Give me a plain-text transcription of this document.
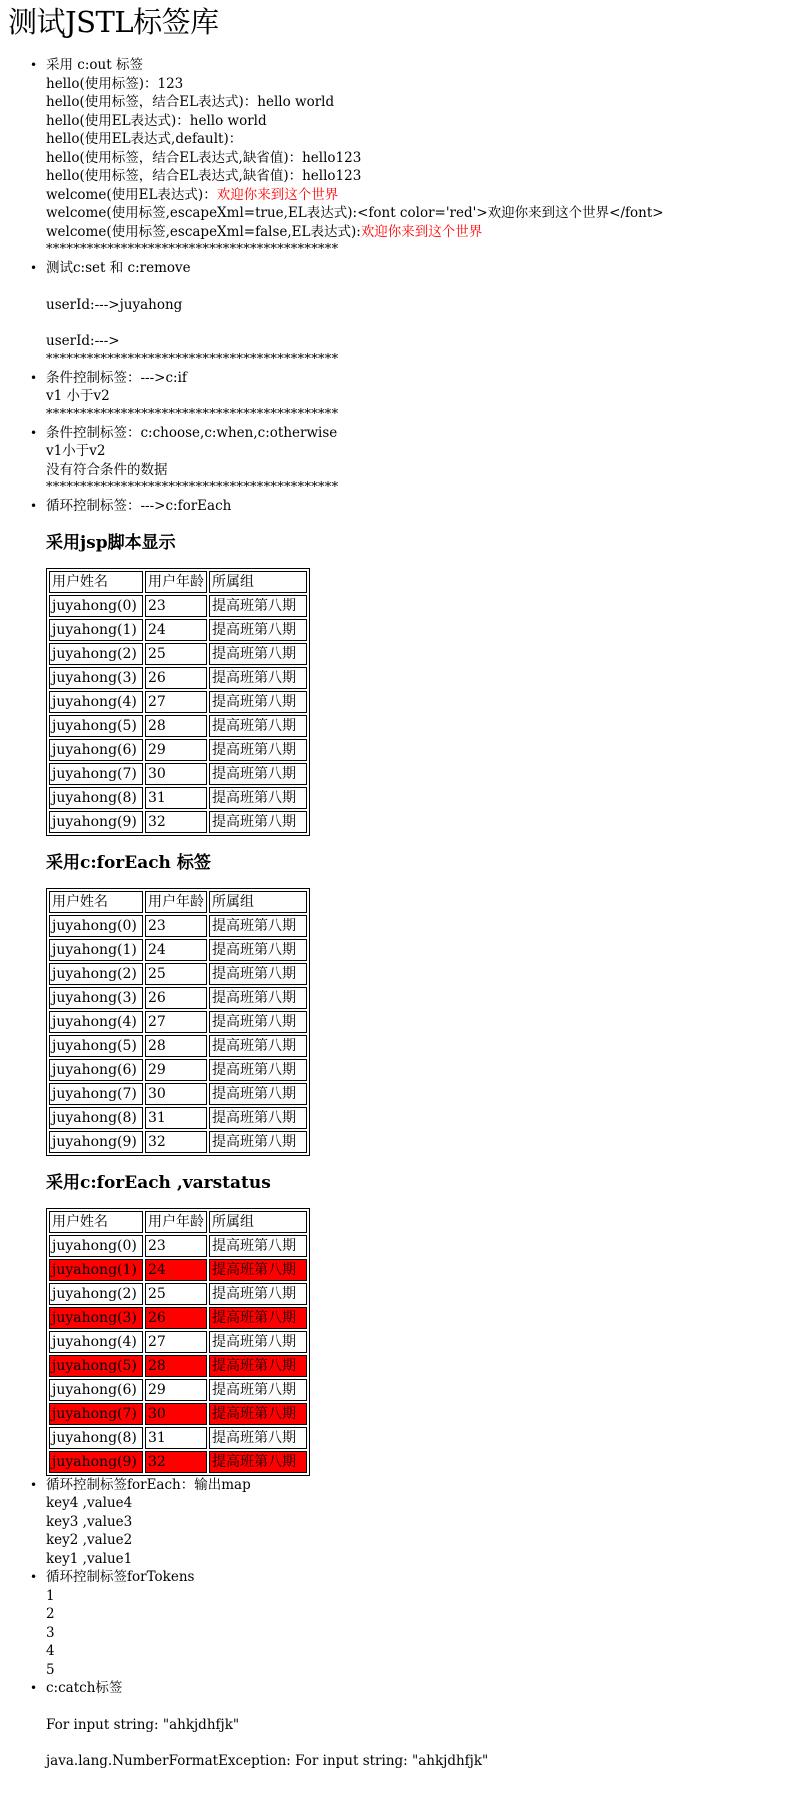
测试JSTL标签库
• 采用 c:out 标签
hello(使用标签)：123
hello(使用标签，结合EL表达式)：hello world
hello(使用EL表达式)：hello world
hello(使用EL表达式,default)：
hello(使用标签，结合EL表达式,缺省值)：hello123
hello(使用标签，结合EL表达式,缺省值)：hello123
welcome(使用EL表达式)：欢迎你来到这个世界
welcome(使用标签,escapeXml=true,EL表达式):<font color='red'>欢迎你来到这个世界</font>
welcome(使用标签,escapeXml=false,EL表达式):欢迎你来到这个世界
*******************************************
• 测试c:set 和 c:remove
userId:--->juyahong
userId:--->
*******************************************
• 条件控制标签：--->c:if
v1 小于v2
*******************************************
• 条件控制标签：c:choose,c:when,c:otherwise
v1小于v2
没有符合条件的数据
*******************************************
• 循环控制标签：--->c:forEach
采用jsp脚本显示
用户姓名	用户年龄	所属组
juyahong(0)	23	提高班第八期
juyahong(1)	24	提高班第八期
juyahong(2)	25	提高班第八期
juyahong(3)	26	提高班第八期
juyahong(4)	27	提高班第八期
juyahong(5)	28	提高班第八期
juyahong(6)	29	提高班第八期
juyahong(7)	30	提高班第八期
juyahong(8)	31	提高班第八期
juyahong(9)	32	提高班第八期
采用c:forEach 标签
用户姓名	用户年龄	所属组
juyahong(0)	23	提高班第八期
juyahong(1)	24	提高班第八期
juyahong(2)	25	提高班第八期
juyahong(3)	26	提高班第八期
juyahong(4)	27	提高班第八期
juyahong(5)	28	提高班第八期
juyahong(6)	29	提高班第八期
juyahong(7)	30	提高班第八期
juyahong(8)	31	提高班第八期
juyahong(9)	32	提高班第八期
采用c:forEach ,varstatus
用户姓名	用户年龄	所属组
juyahong(0)	23	提高班第八期
juyahong(1)	24	提高班第八期
juyahong(2)	25	提高班第八期
juyahong(3)	26	提高班第八期
juyahong(4)	27	提高班第八期
juyahong(5)	28	提高班第八期
juyahong(6)	29	提高班第八期
juyahong(7)	30	提高班第八期
juyahong(8)	31	提高班第八期
juyahong(9)	32	提高班第八期
• 循环控制标签forEach：输出map
key4 ,value4
key3 ,value3
key2 ,value2
key1 ,value1
• 循环控制标签forTokens
1
2
3
4
5
• c:catch标签
For input string: "ahkjdhfjk"
java.lang.NumberFormatException: For input string: "ahkjdhfjk"
